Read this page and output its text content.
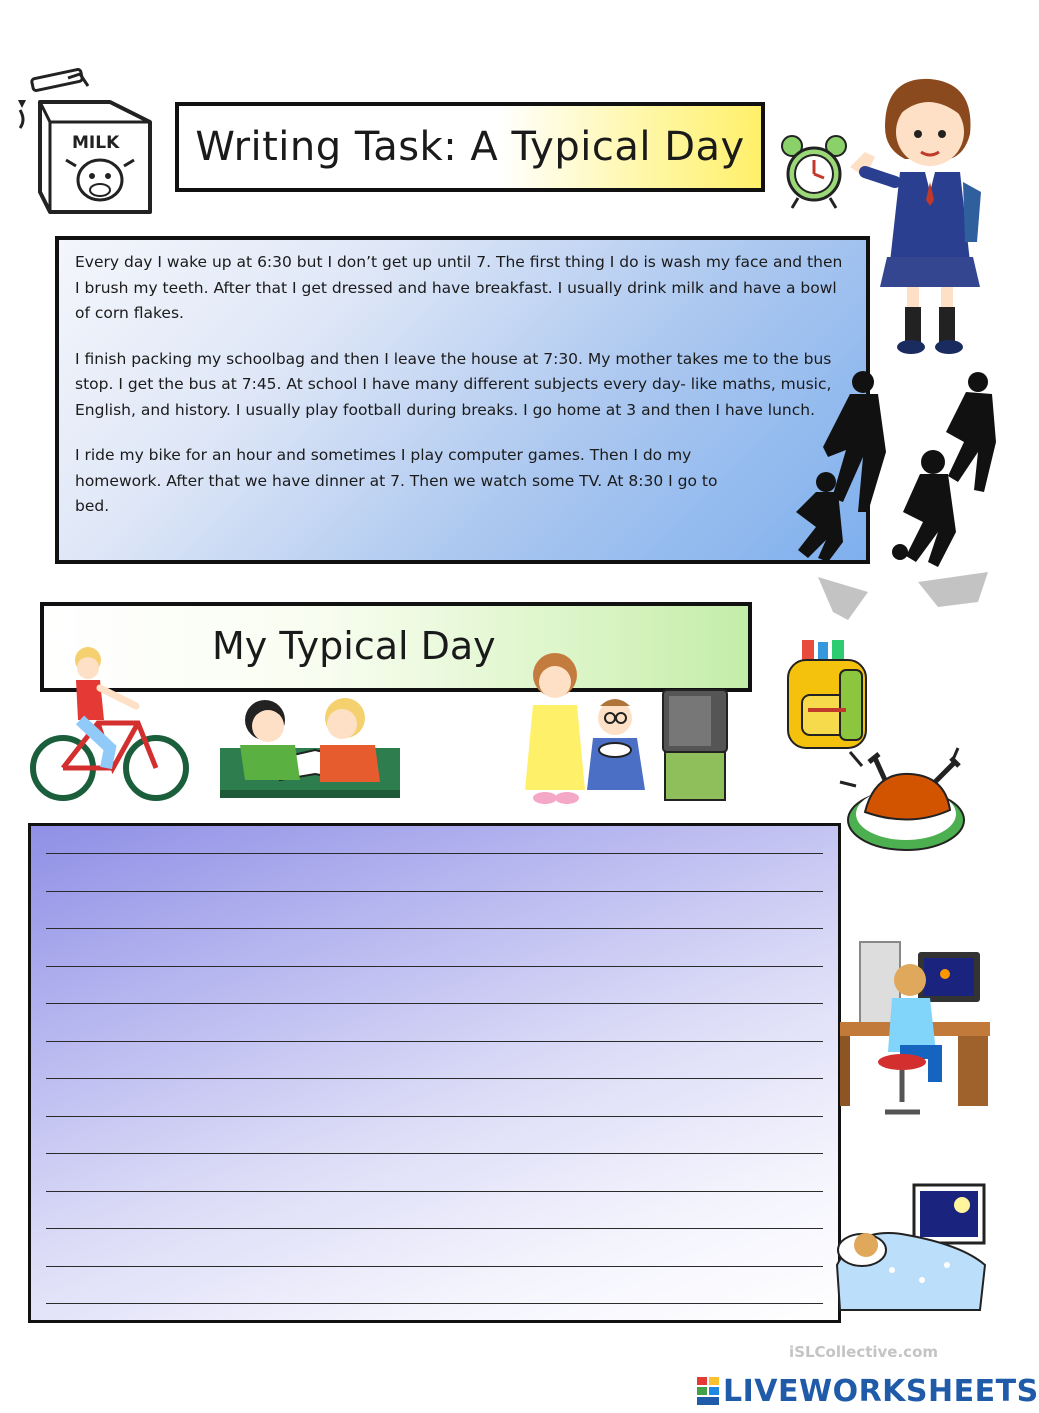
MILK Writing Task: A Typical Day

Every day I wake up at 6:30 but I don’t get up until 7. The first thing I do is wash my face and then I brush my teeth. After that I get dressed and have breakfast. I usually drink milk and have a bowl of corn flakes.

I finish packing my schoolbag and then I leave the house at 7:30. My mother takes me to the bus stop. I get the bus at 7:45. At school I have many different subjects every day- like maths, music, English, and history. I usually play football during breaks. I go home at 3 and then I have lunch.

I ride my bike for an hour and sometimes I play computer games. Then I do my homework. After that we have dinner at 7. Then we watch some TV. At 8:30 I go to bed.

My Typical Day
iSLCollective.com
LIVEWORKSHEETS
